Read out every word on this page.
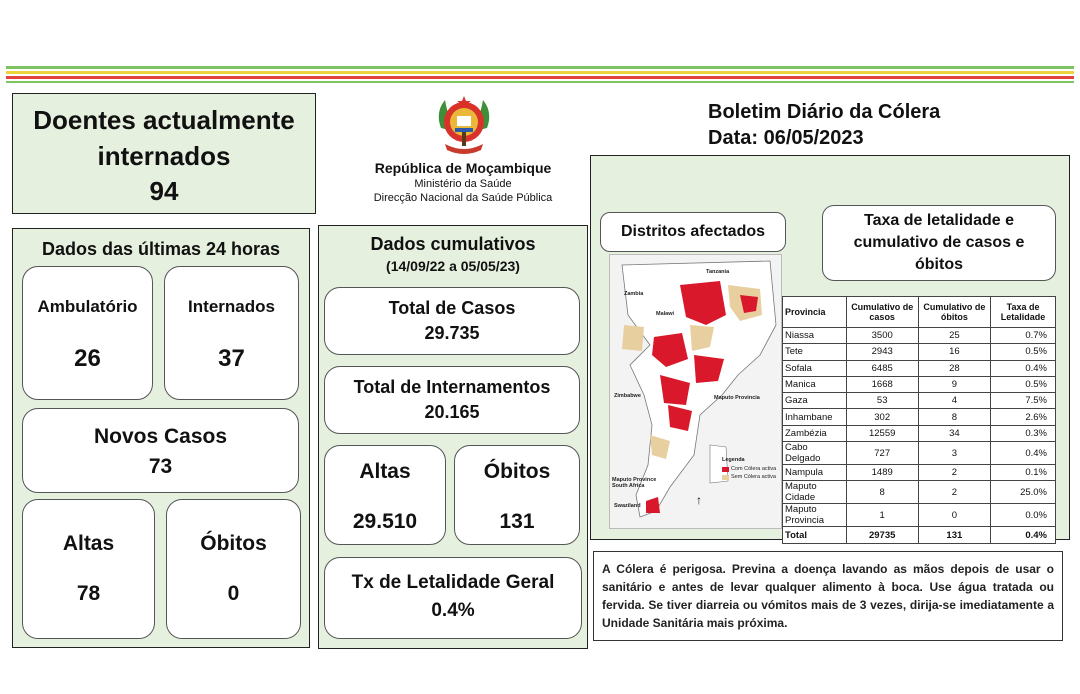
Doentes actualmente
internados
94
República de Moçambique
Ministério da Saúde
Direcção Nacional da Saúde Pública
Boletim Diário da Cólera
Data: 06/05/2023
Dados das últimas 24 horas
Ambulatório
26
Internados
37
Novos Casos
73
Altas
78
Óbitos
0
Dados cumulativos
(14/09/22 a 05/05/23)
Total de Casos
29.735
Total de Internamentos
20.165
Altas
29.510
Óbitos
131
Tx de Letalidade Geral
0.4%
Distritos afectados
Taxa de letalidade e cumulativo de casos e óbitos
Tanzania
Zambia
Malawi
Zimbabwe	Maputo Provincia
Maputo Province
South Africa
Swaziland
Legenda
Com Cólera activa
Sem Cólera activa
↑
Provincia	Cumulativo de casos	Cumulativo de óbitos	Taxa de Letalidade
Niassa	3500	25	0.7%
Tete	2943	16	0.5%
Sofala	6485	28	0.4%
Manica	1668	9	0.5%
Gaza	53	4	7.5%
Inhambane	302	8	2.6%
Zambézia	12559	34	0.3%
Cabo Delgado	727	3	0.4%
Nampula	1489	2	0.1%
Maputo Cidade	8	2	25.0%
Maputo Provincia	1	0	0.0%
Total	29735	131	0.4%
A Cólera é perigosa. Previna a doença lavando as mãos depois de usar o sanitário e antes de levar qualquer alimento à boca. Use água tratada ou fervida. Se tiver diarreia ou vómitos mais de 3 vezes, dirija-se imediatamente a Unidade Sanitária mais próxima.
